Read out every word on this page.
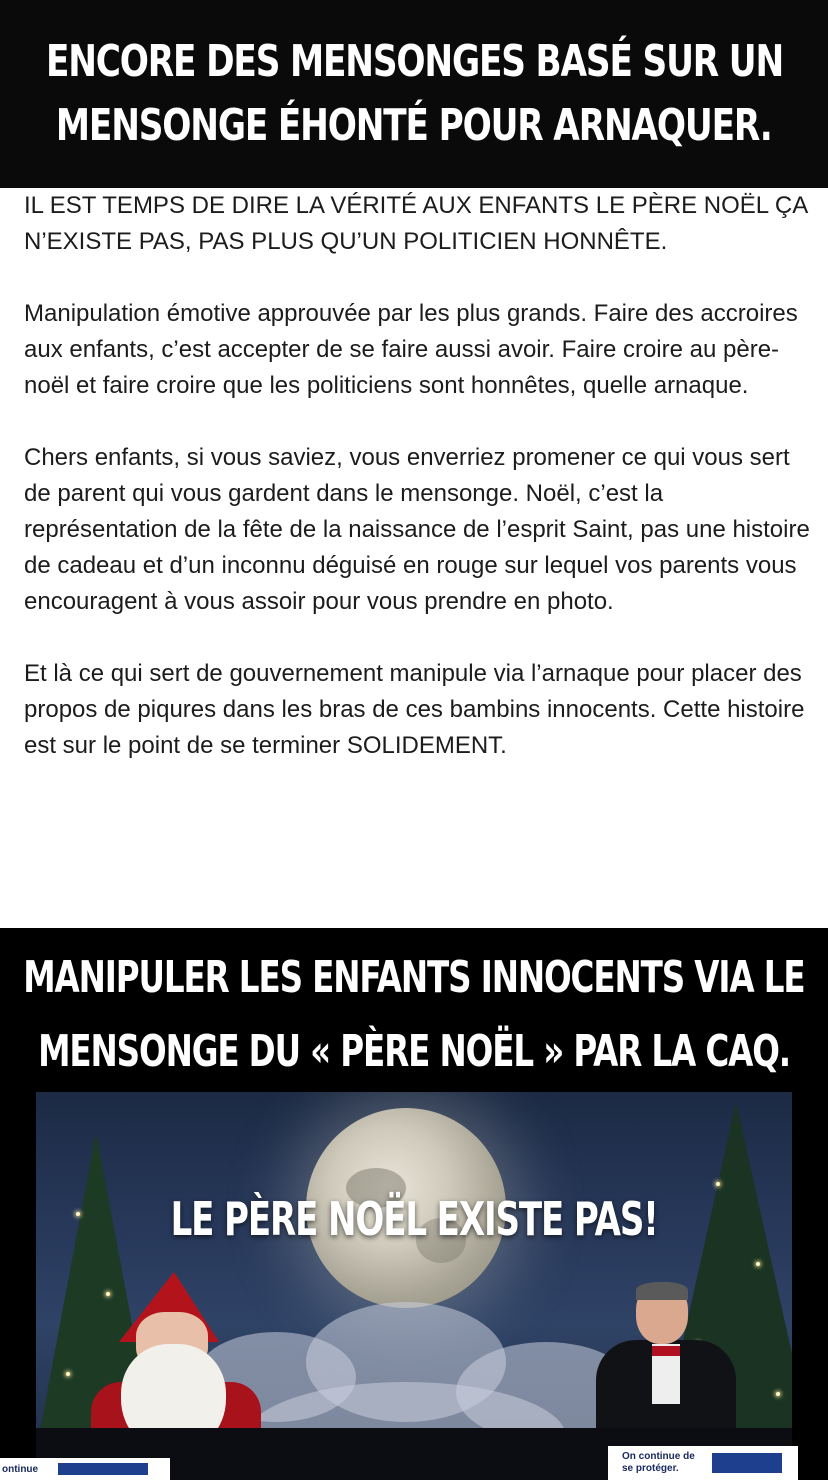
ENCORE DES MENSONGES BASÉ SUR UN
MENSONGE ÉHONTÉ POUR ARNAQUER.

IL EST TEMPS DE DIRE LA VÉRITÉ AUX ENFANTS LE PÈRE NOËL ÇA N’EXISTE PAS, PAS PLUS QU’UN POLITICIEN HONNÊTE.

Manipulation émotive approuvée par les plus grands. Faire des accroires aux enfants, c’est accepter de se faire aussi avoir. Faire croire au père-noël et faire croire que les politiciens sont honnêtes, quelle arnaque.

Chers enfants, si vous saviez, vous enverriez promener ce qui vous sert de parent qui vous gardent dans le mensonge. Noël, c’est la représentation de la fête de la naissance de l’esprit Saint, pas une histoire de cadeau et d’un inconnu déguisé en rouge sur lequel vos parents vous encouragent à vous assoir pour vous prendre en photo.

Et là ce qui sert de gouvernement manipule via l’arnaque pour placer des propos de piqures dans les bras de ces bambins innocents. Cette histoire est sur le point de se terminer SOLIDEMENT.

MANIPULER LES ENFANTS INNOCENTS VIA LE
MENSONGE DU « PÈRE NOËL » PAR LA CAQ.
LE PÈRE NOËL EXISTE PAS!
ontinue
On continue de se protéger.
